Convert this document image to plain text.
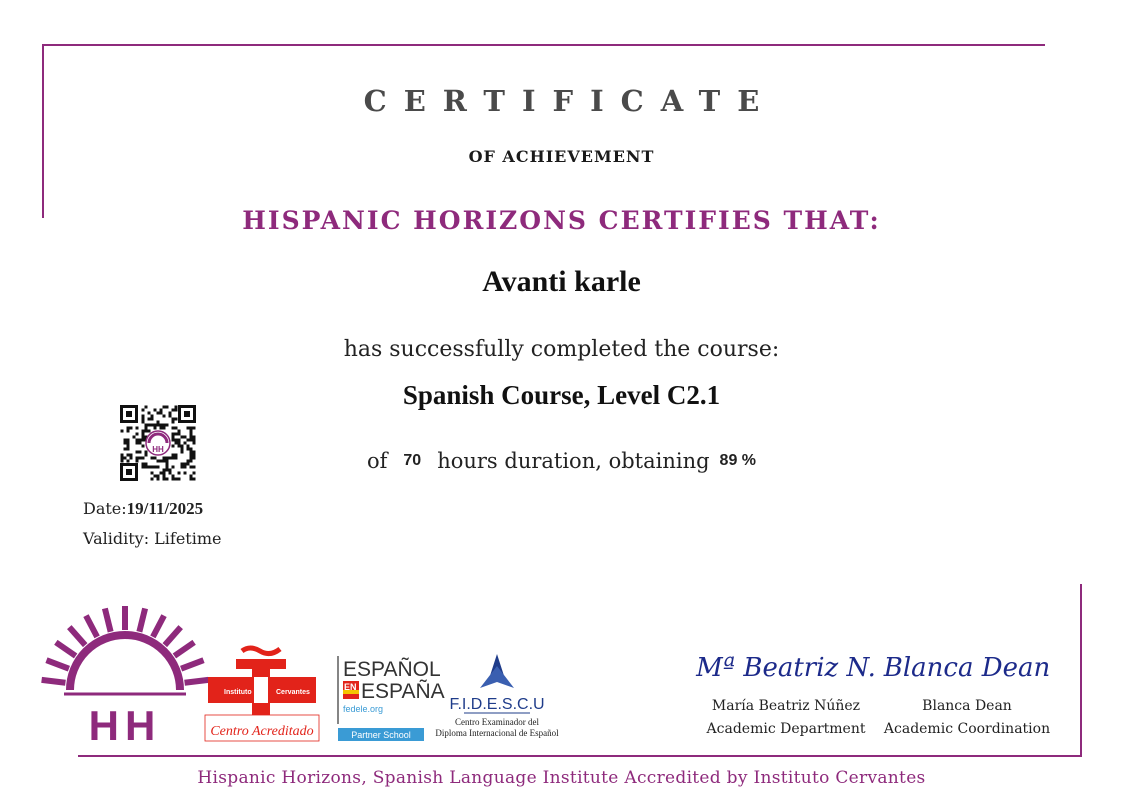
CERTIFICATE
OF ACHIEVEMENT
HISPANIC HORIZONS CERTIFIES THAT:
Avanti karle
has successfully completed the course:
Spanish Course, Level C2.1
of 70 hours duration, obtaining 89 %
HH
Date:19/11/2025
Validity: Lifetime
HH
Instituto	Cervantes
Centro Acreditado
ESPAÑOL
EN ESPAÑA
fedele.org
Partner School
F.I.D.E.S.C.U
Centro Examinador del
Diploma Internacional de Español
Mª Beatriz N.
María Beatriz Núñez
Academic Department
Blanca Dean
Blanca Dean
Academic Coordination
Hispanic Horizons, Spanish Language Institute Accredited by Instituto Cervantes
